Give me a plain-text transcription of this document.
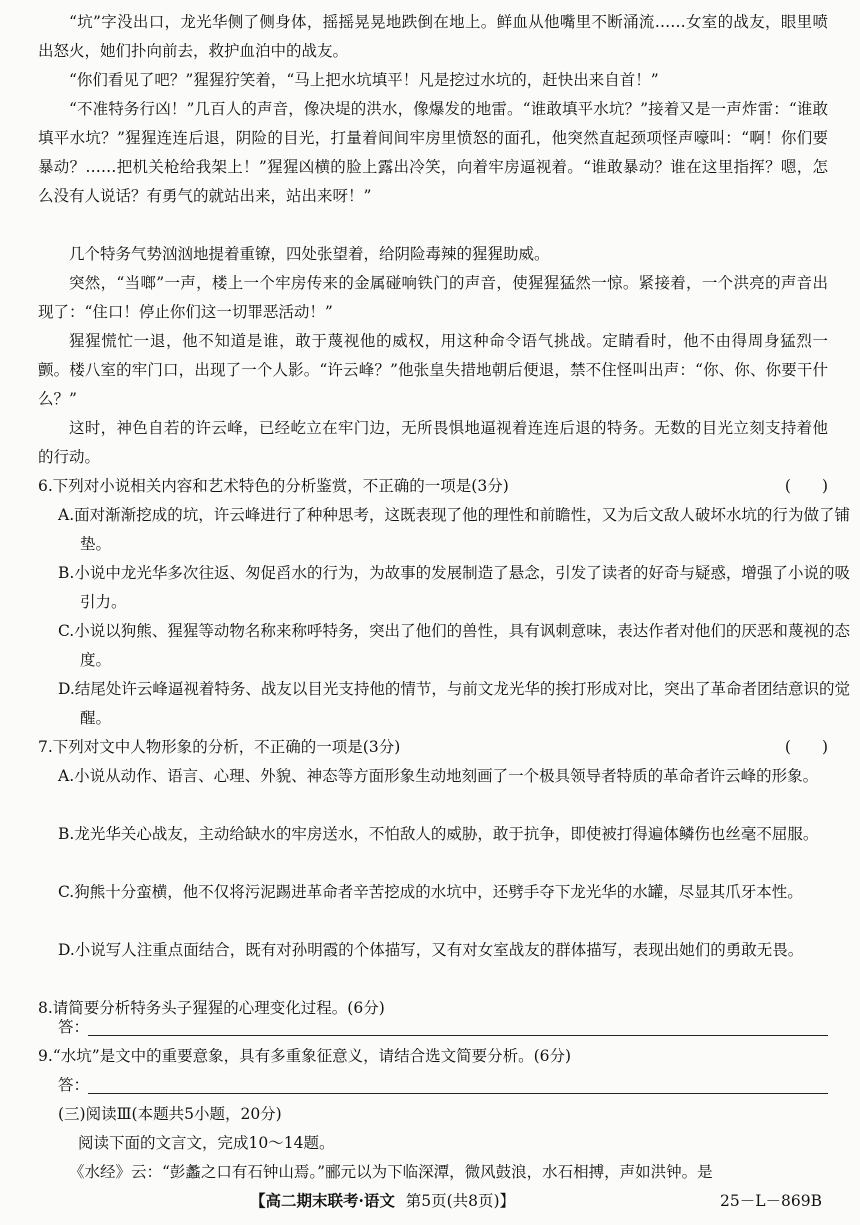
“坑”字没出口，龙光华侧了侧身体，摇摇晃晃地跌倒在地上。鲜血从他嘴里不断涌流……女室的战友，眼里喷出怒火，她们扑向前去，救护血泊中的战友。

“你们看见了吧？”猩猩狞笑着，“马上把水坑填平！凡是挖过水坑的，赶快出来自首！”

“不准特务行凶！”几百人的声音，像决堤的洪水，像爆发的地雷。“谁敢填平水坑？”接着又是一声炸雷：“谁敢填平水坑？”猩猩连连后退，阴险的目光，打量着间间牢房里愤怒的面孔，他突然直起颈项怪声嚎叫：“啊！你们要暴动？……把机关枪给我架上！”猩猩凶横的脸上露出冷笑，向着牢房逼视着。“谁敢暴动？谁在这里指挥？嗯，怎么没有人说话？有勇气的就站出来，站出来呀！”

几个特务气势汹汹地提着重镣，四处张望着，给阴险毒辣的猩猩助威。

突然，“当啷”一声，楼上一个牢房传来的金属碰响铁门的声音，使猩猩猛然一惊。紧接着，一个洪亮的声音出现了：“住口！停止你们这一切罪恶活动！”

猩猩慌忙一退，他不知道是谁，敢于蔑视他的威权，用这种命令语气挑战。定睛看时，他不由得周身猛烈一颤。楼八室的牢门口，出现了一个人影。“许云峰？”他张皇失措地朝后便退，禁不住怪叫出声：“你、你、你要干什么？”

这时，神色自若的许云峰，已经屹立在牢门边，无所畏惧地逼视着连连后退的特务。无数的目光立刻支持着他的行动。

6.下列对小说相关内容和艺术特色的分析鉴赏，不正确的一项是(3分)	(　　)

A.面对渐渐挖成的坑，许云峰进行了种种思考，这既表现了他的理性和前瞻性，又为后文敌人破坏水坑的行为做了铺垫。

B.小说中龙光华多次往返、匆促舀水的行为，为故事的发展制造了悬念，引发了读者的好奇与疑惑，增强了小说的吸引力。

C.小说以狗熊、猩猩等动物名称来称呼特务，突出了他们的兽性，具有讽刺意味，表达作者对他们的厌恶和蔑视的态度。

D.结尾处许云峰逼视着特务、战友以目光支持他的情节，与前文龙光华的挨打形成对比，突出了革命者团结意识的觉醒。

7.下列对文中人物形象的分析，不正确的一项是(3分)	(　　)

A.小说从动作、语言、心理、外貌、神态等方面形象生动地刻画了一个极具领导者特质的革命者许云峰的形象。

B.龙光华关心战友，主动给缺水的牢房送水，不怕敌人的威胁，敢于抗争，即使被打得遍体鳞伤也丝毫不屈服。

C.狗熊十分蛮横，他不仅将污泥踢进革命者辛苦挖成的水坑中，还劈手夺下龙光华的水罐，尽显其爪牙本性。

D.小说写人注重点面结合，既有对孙明霞的个体描写，又有对女室战友的群体描写，表现出她们的勇敢无畏。

8.请简要分析特务头子猩猩的心理变化过程。(6分)
答：
9.“水坑”是文中的重要意象，具有多重象征意义，请结合选文简要分析。(6分)
答：

(三)阅读Ⅲ(本题共5小题，20分)

阅读下面的文言文，完成10～14题。

《水经》云：“彭蠡之口有石钟山焉。”郦元以为下临深潭，微风鼓浪，水石相搏，声如洪钟。是

【高二期末联考·语文 第5页(共8页)】	25－L－869B
